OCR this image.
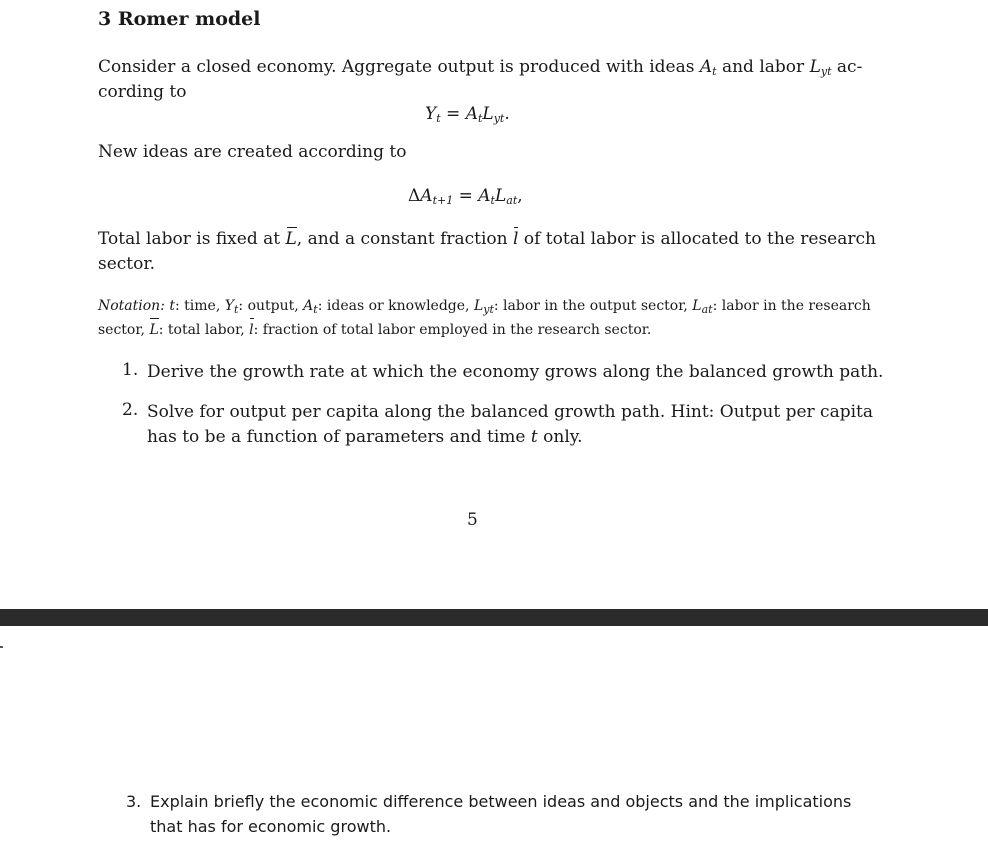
3 Romer model
Consider a closed economy. Aggregate output is produced with ideas $A_t$ and labor $L_{yt}$ ac-
cording to
$Y_t = A_tL_{yt}$.
New ideas are created according to
$\Delta A_{t+1} = A_tL_{at}$,
Total labor is fixed at L, and a constant fraction l of total labor is allocated to the research
sector.
Notation: t: time, $Y_t$: output, $A_t$: ideas or knowledge, $L_{yt}$: labor in the output sector, $L_{at}$: labor in the research
sector, L: total labor, l: fraction of total labor employed in the research sector.
1. Derive the growth rate at which the economy grows along the balanced growth path.
2. Solve for output per capita along the balanced growth path. Hint: Output per capita
has to be a function of parameters and time t only.
5
3. Explain briefly the economic difference between ideas and objects and the implications
that has for economic growth.
